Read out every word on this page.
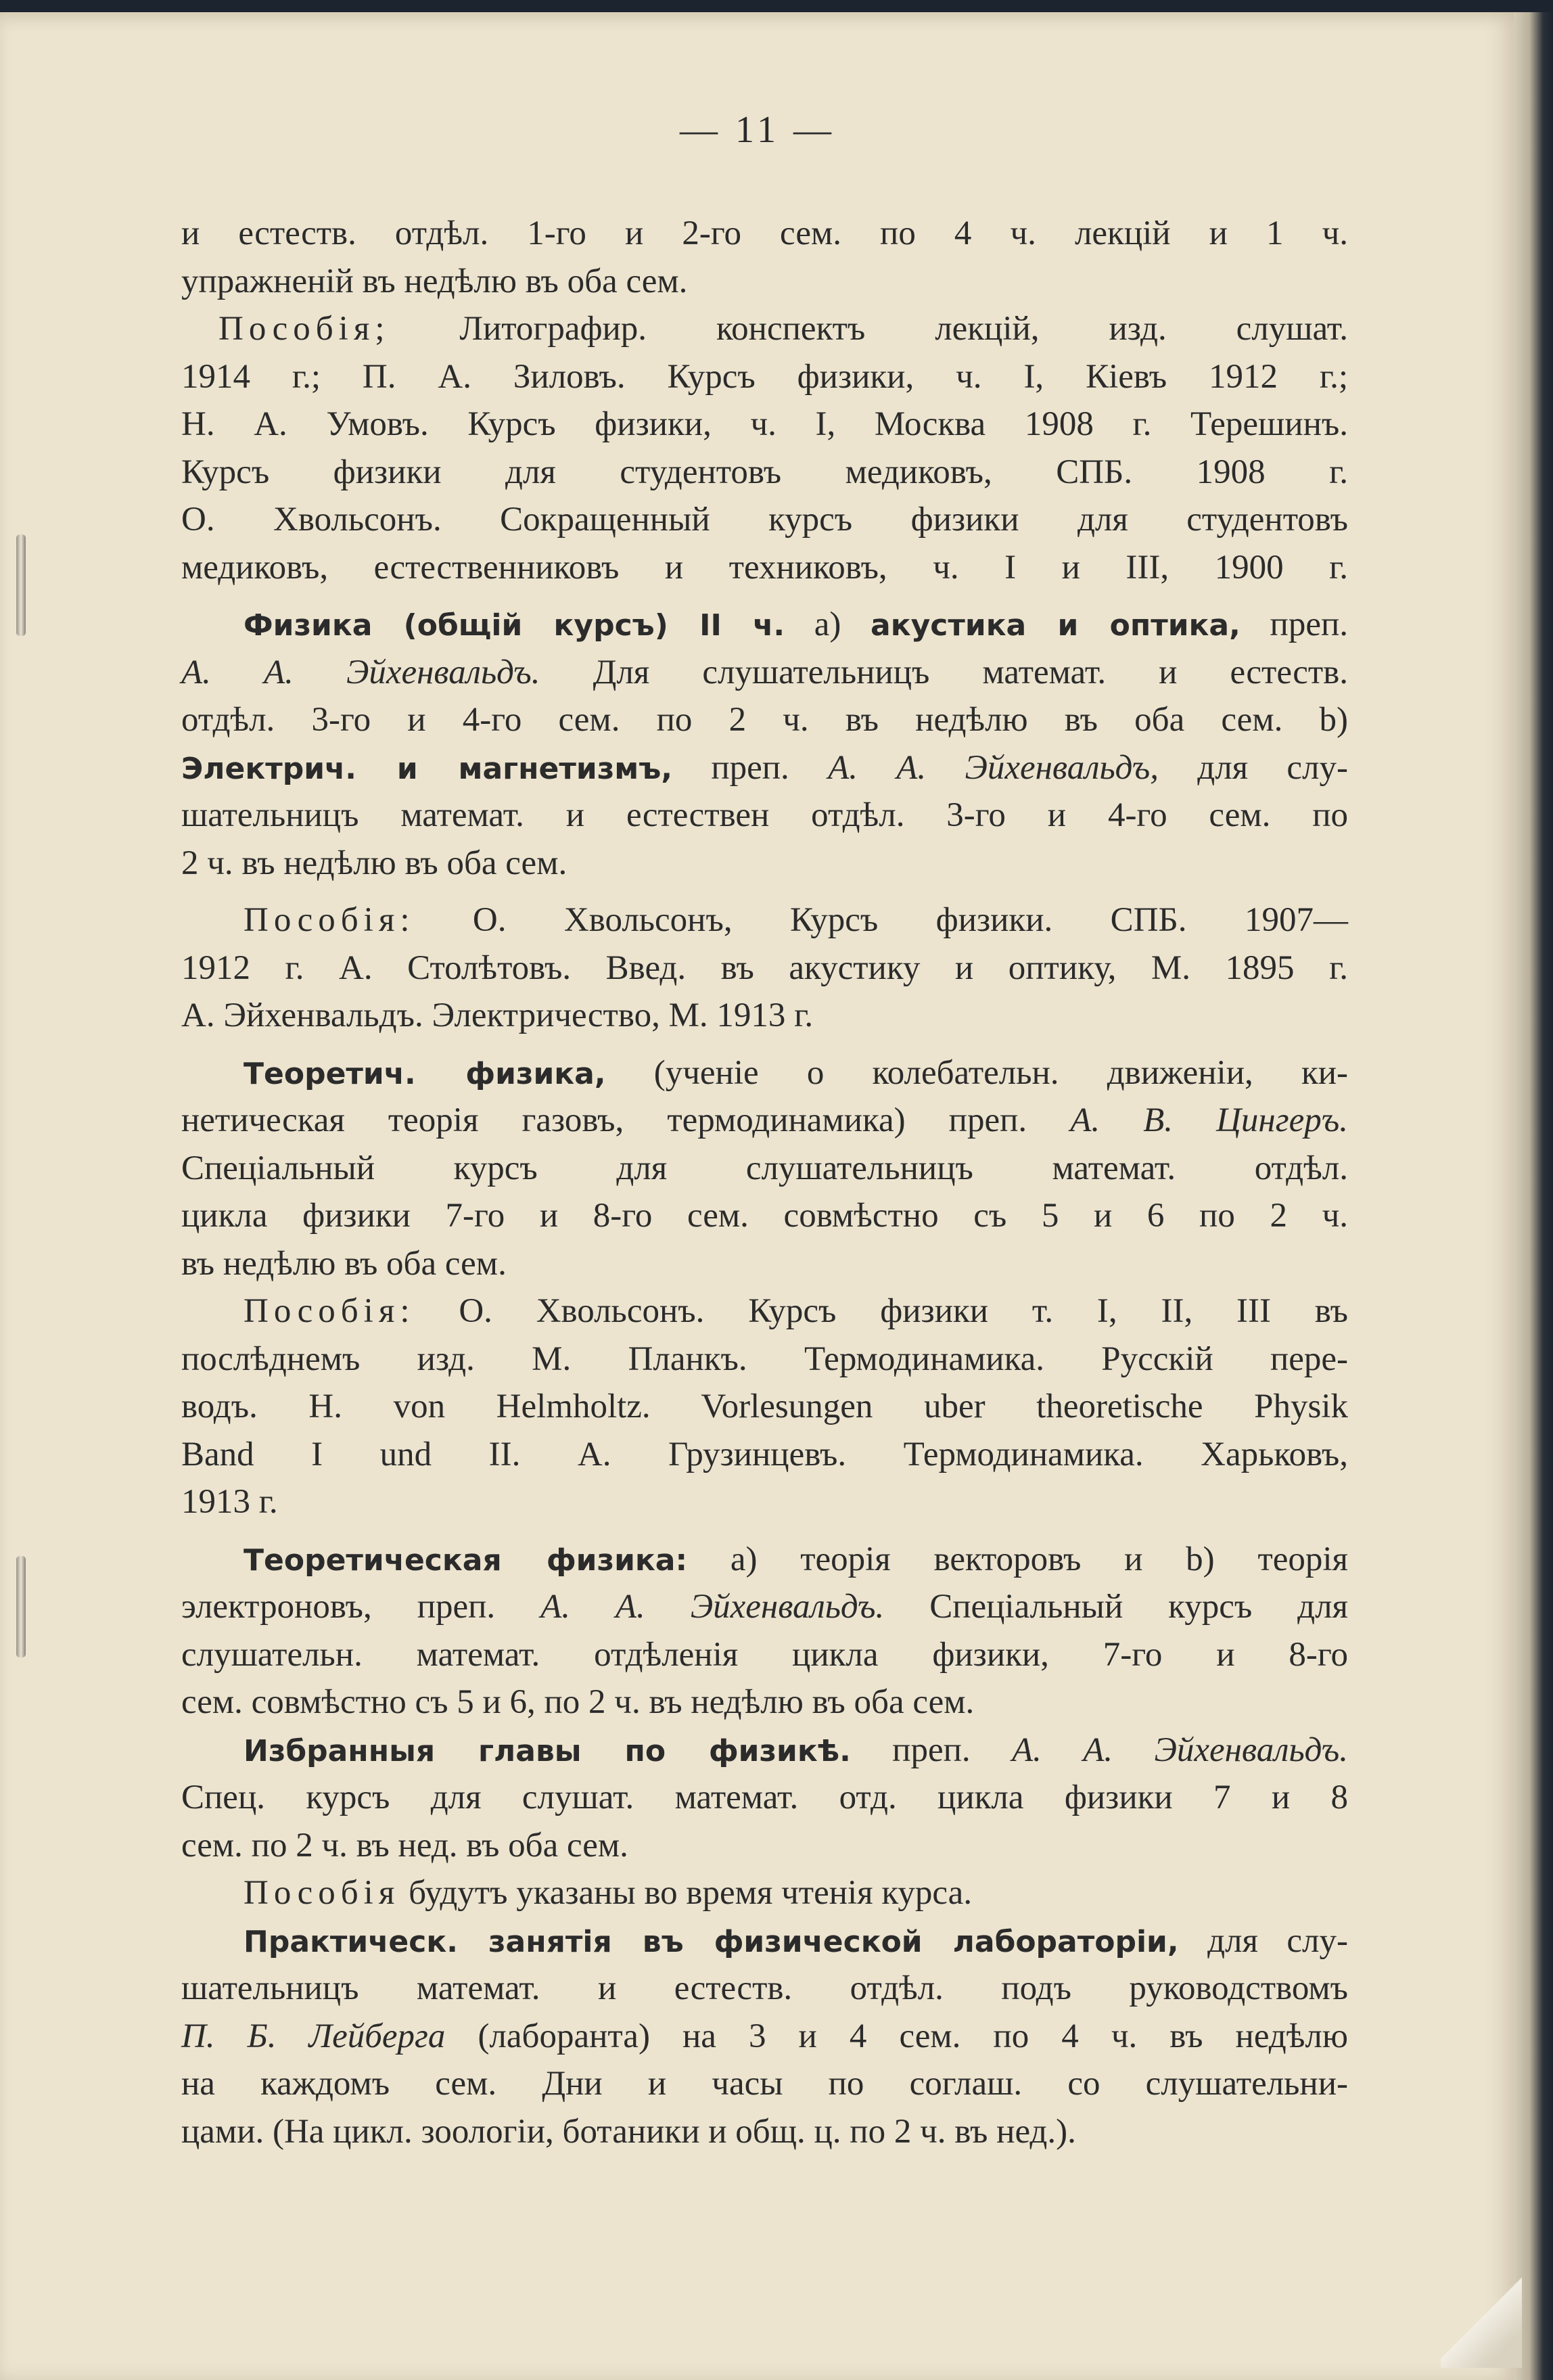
— 11 —
и естеств. отдѣл. 1-го и 2-го сем. по 4 ч. лекцій и 1 ч.
упражненій въ недѣлю въ оба сем.
Пособія; Литографир. конспектъ лекцій, изд. слушат.
1914 г.; П. А. Зиловъ. Курсъ физики, ч. I, Кіевъ 1912 г.;
Н. А. Умовъ. Курсъ физики, ч. I, Москва 1908 г. Терешинъ.
Курсъ физики для студентовъ медиковъ, СПБ. 1908 г.
О. Хвольсонъ. Сокращенный курсъ физики для студентовъ
медиковъ, естественниковъ и техниковъ, ч. I и III, 1900 г.
Физика (общій курсъ) II ч. а) акустика и оптика, преп.
А. А. Эйхенвальдъ. Для слушательницъ математ. и естеств.
отдѣл. 3-го и 4-го сем. по 2 ч. въ недѣлю въ оба сем. b)
Электрич. и магнетизмъ, преп. А. А. Эйхенвальдъ, для слу-
шательницъ математ. и естествен отдѣл. 3-го и 4-го сем. по
2 ч. въ недѣлю въ оба сем.
Пособія: О. Хвольсонъ, Курсъ физики. СПБ. 1907—
1912 г. А. Столѣтовъ. Введ. въ акустику и оптику, М. 1895 г.
А. Эйхенвальдъ. Электричество, М. 1913 г.
Теоретич. физика, (ученіе о колебательн. движеніи, ки-
нетическая теорія газовъ, термодинамика) преп. А. В. Цингеръ.
Спеціальный курсъ для слушательницъ математ. отдѣл.
цикла физики 7-го и 8-го сем. совмѣстно съ 5 и 6 по 2 ч.
въ недѣлю въ оба сем.
Пособія: О. Хвольсонъ. Курсъ физики т. I, II, III въ
послѣднемъ изд. М. Планкъ. Термодинамика. Русскій пере-
водъ. H. von Helmholtz. Vorlesungen uber theoretische Physik
Band I und II. А. Грузинцевъ. Термодинамика. Харьковъ,
1913 г.
Теоретическая физика: а) теорія векторовъ и b) теорія
электроновъ, преп. А. А. Эйхенвальдъ. Спеціальный курсъ для
слушательн. математ. отдѣленія цикла физики, 7-го и 8-го
сем. совмѣстно съ 5 и 6, по 2 ч. въ недѣлю въ оба сем.
Избранныя главы по физикѣ. преп. А. А. Эйхенвальдъ.
Спец. курсъ для слушат. математ. отд. цикла физики 7 и 8
сем. по 2 ч. въ нед. въ оба сем.
Пособія будутъ указаны во время чтенія курса.
Практическ. занятія въ физической лабораторіи, для слу-
шательницъ математ. и естеств. отдѣл. подъ руководствомъ
П. Б. Лейберга (лаборанта) на 3 и 4 сем. по 4 ч. въ недѣлю
на каждомъ сем. Дни и часы по соглаш. со слушательни-
цами. (На цикл. зоологіи, ботаники и общ. ц. по 2 ч. въ нед.).
